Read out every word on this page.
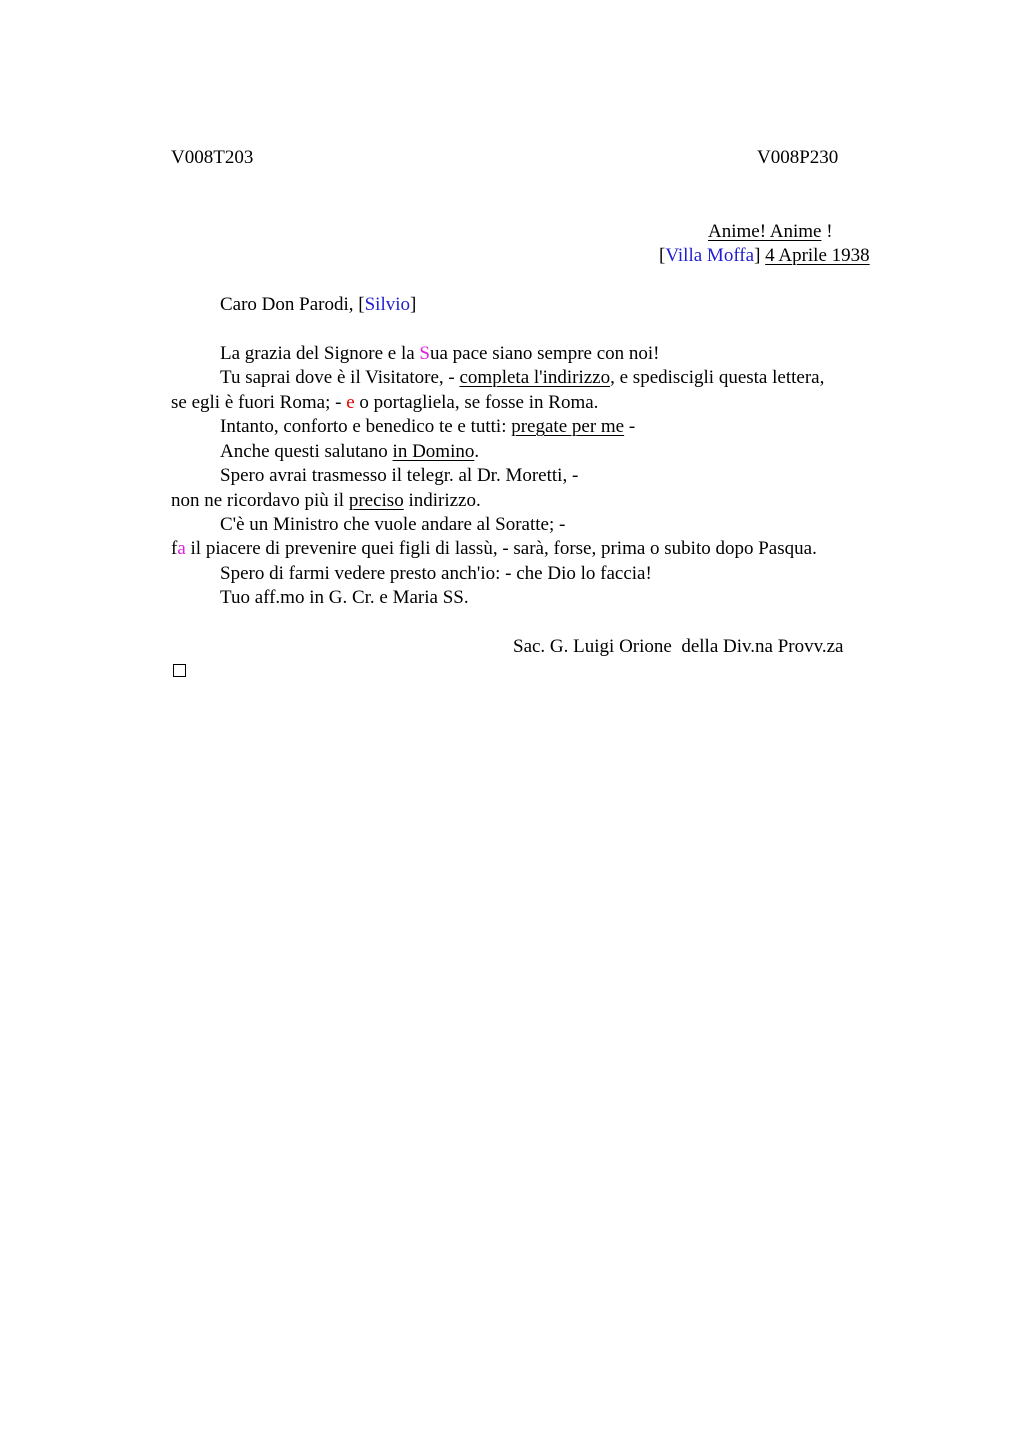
V008T203	V008P230
Anime! Anime !
[Villa Moffa] 4 Aprile 1938
Caro Don Parodi, [Silvio]
La grazia del Signore e la Sua pace siano sempre con noi!
Tu saprai dove è il Visitatore, - completa l'indirizzo, e spediscigli questa lettera,
se egli è fuori Roma; - e o portagliela, se fosse in Roma.
Intanto, conforto e benedico te e tutti: pregate per me -
Anche questi salutano in Domino.
Spero avrai trasmesso il telegr. al Dr. Moretti, -
non ne ricordavo più il preciso indirizzo.
C'è un Ministro che vuole andare al Soratte; -
fa il piacere di prevenire quei figli di lassù, - sarà, forse, prima o subito dopo Pasqua.
Spero di farmi vedere presto anch'io: - che Dio lo faccia!
Tuo aff.mo in G. Cr. e Maria SS.
Sac. G. Luigi Orione  della Div.na Provv.za
